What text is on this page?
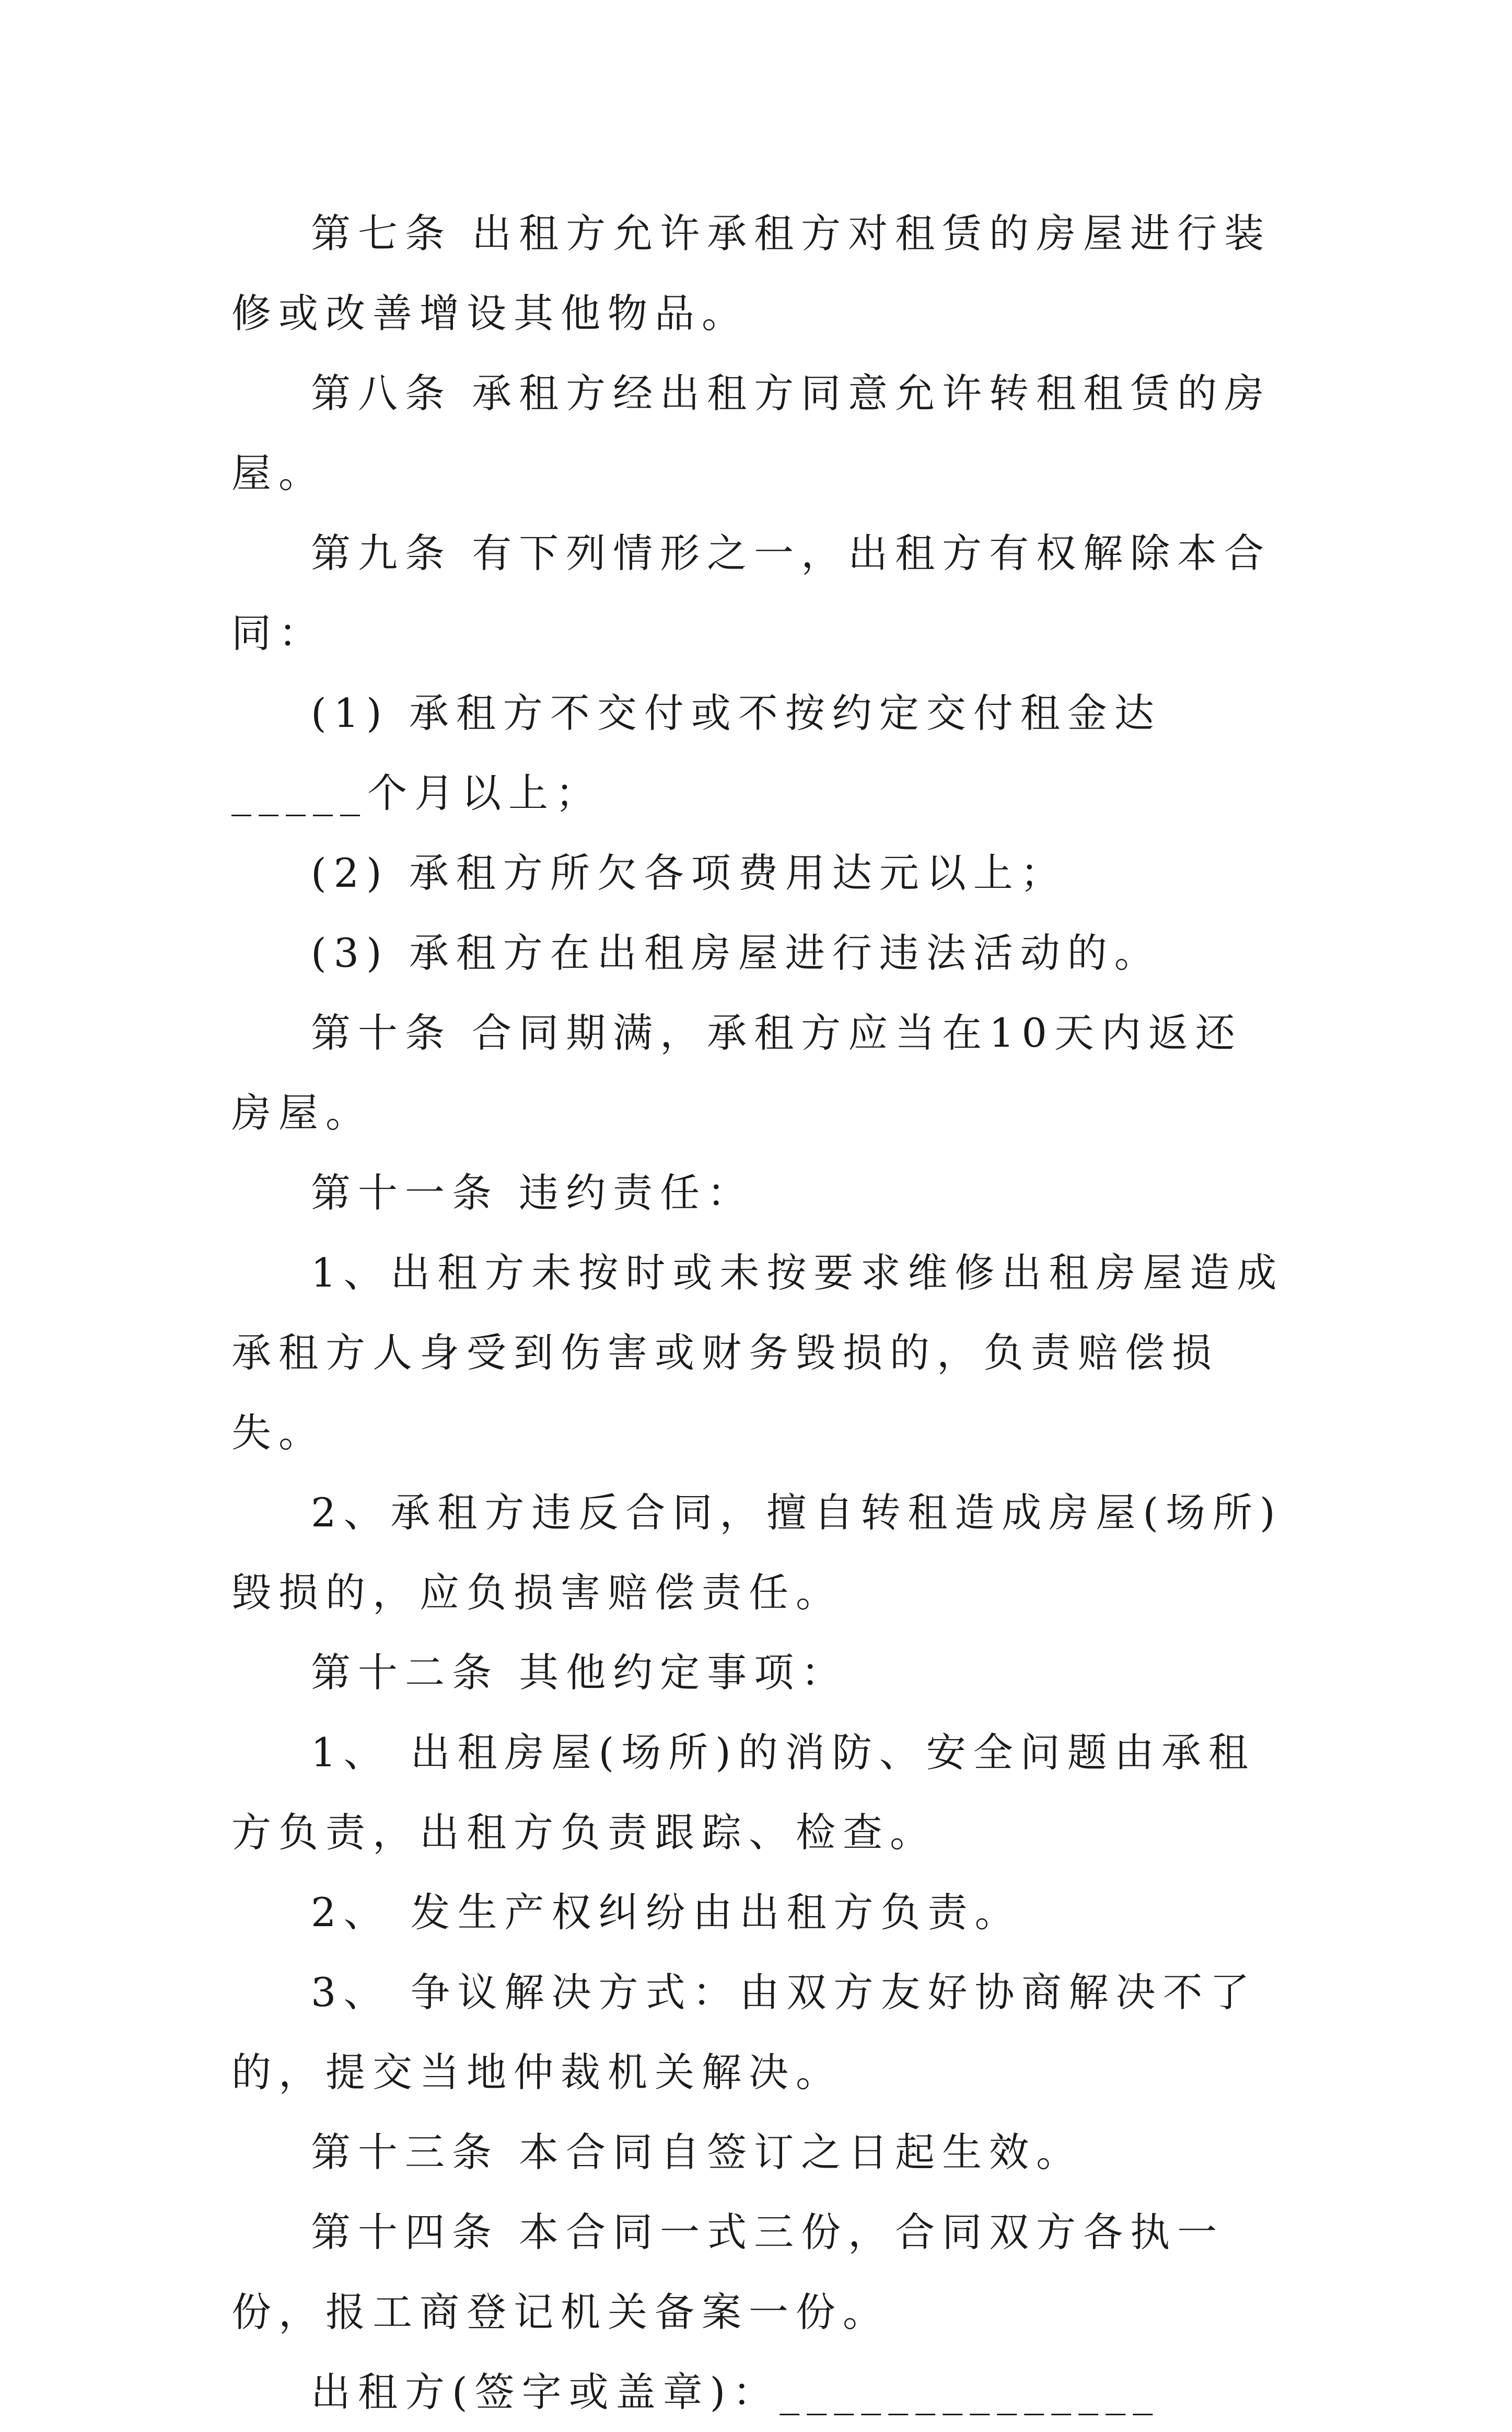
第七条 出租方允许承租方对租赁的房屋进行装修或改善增设其他物品。

第八条 承租方经出租方同意允许转租租赁的房屋。

第九条 有下列情形之一，出租方有权解除本合同：

(1) 承租方不交付或不按约定交付租金达_____个月以上；

(2) 承租方所欠各项费用达元以上；

(3) 承租方在出租房屋进行违法活动的。

第十条 合同期满，承租方应当在10天内返还房屋。

第十一条 违约责任：

1、出租方未按时或未按要求维修出租房屋造成承租方人身受到伤害或财务毁损的，负责赔偿损失。

2、承租方违反合同，擅自转租造成房屋(场所)毁损的，应负损害赔偿责任。

第十二条 其他约定事项：

1、 出租房屋(场所)的消防、安全问题由承租方负责，出租方负责跟踪、检查。

2、 发生产权纠纷由出租方负责。

3、 争议解决方式：由双方友好协商解决不了的，提交当地仲裁机关解决。

第十三条 本合同自签订之日起生效。

第十四条 本合同一式三份，合同双方各执一份，报工商登记机关备案一份。

出租方(签字或盖章)：______________
